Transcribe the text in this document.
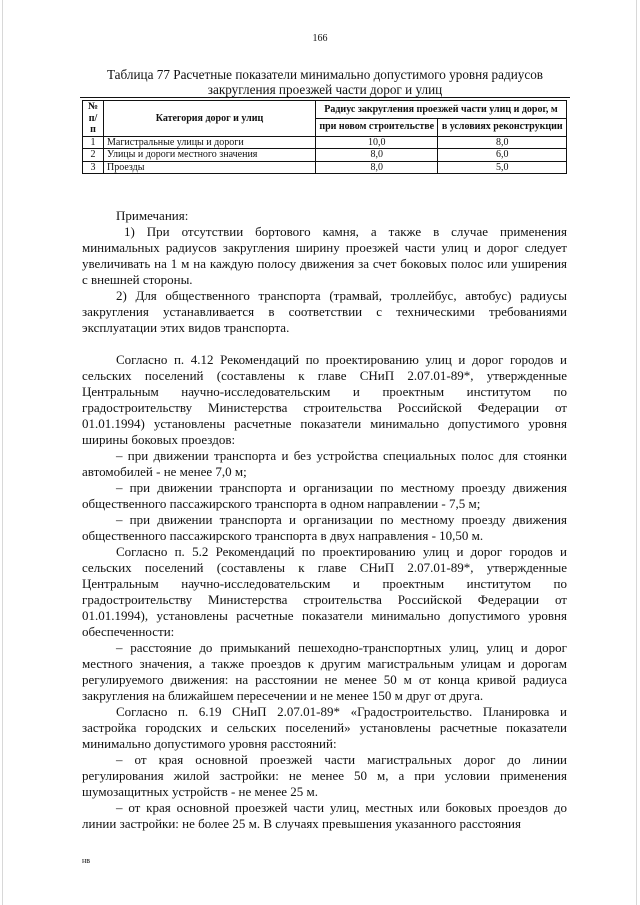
166
Таблица 77 Расчетные показатели минимально допустимого уровня радиусов
закругления проезжей части дорог и улиц
№ п/п	Категория дорог и улиц	Радиус закругления проезжей части улиц и дорог, м	
		при новом строительстве	в условиях реконструкции
1	Магистральные улицы и дороги	10,0	8,0
2	Улицы и дороги местного значения	8,0	6,0
3	Проезды	8,0	5,0

Примечания:

1) При отсутствии бортового камня, а также в случае применения минимальных радиусов закругления ширину проезжей части улиц и дорог следует увеличивать на 1 м на каждую полосу движения за счет боковых полос или уширения с внешней стороны.

2) Для общественного транспорта (трамвай, троллейбус, автобус) радиусы закругления устанавливается в соответствии с техническими требованиями эксплуатации этих видов транспорта.

Согласно п. 4.12 Рекомендаций по проектированию улиц и дорог городов и сельских поселений (составлены к главе СНиП 2.07.01-89*, утвержденные Центральным научно-исследовательским и проектным институтом по градостроительству Министерства строительства Российской Федерации от 01.01.1994) установлены расчетные показатели минимально допустимого уровня ширины боковых проездов:

– при движении транспорта и без устройства специальных полос для стоянки автомобилей - не менее 7,0 м;

– при движении транспорта и организации по местному проезду движения общественного пассажирского транспорта в одном направлении - 7,5 м;

– при движении транспорта и организации по местному проезду движения общественного пассажирского транспорта в двух направления - 10,50 м.

Согласно п. 5.2 Рекомендаций по проектированию улиц и дорог городов и сельских поселений (составлены к главе СНиП 2.07.01-89*, утвержденные Центральным научно-исследовательским и проектным институтом по градостроительству Министерства строительства Российской Федерации от 01.01.1994), установлены расчетные показатели минимально допустимого уровня обеспеченности:

– расстояние до примыканий пешеходно-транспортных улиц, улиц и дорог местного значения, а также проездов к другим магистральным улицам и дорогам регулируемого движения: на расстоянии не менее 50 м от конца кривой радиуса закругления на ближайшем пересечении и не менее 150 м друг от друга.

Согласно п. 6.19 СНиП 2.07.01-89* «Градостроительство. Планировка и застройка городских и сельских поселений» установлены расчетные показатели минимально допустимого уровня расстояний:

– от края основной проезжей части магистральных дорог до линии регулирования жилой застройки: не менее 50 м, а при условии применения шумозащитных устройств - не менее 25 м.

– от края основной проезжей части улиц, местных или боковых проездов до линии застройки: не более 25 м. В случаях превышения указанного расстояния

нв
